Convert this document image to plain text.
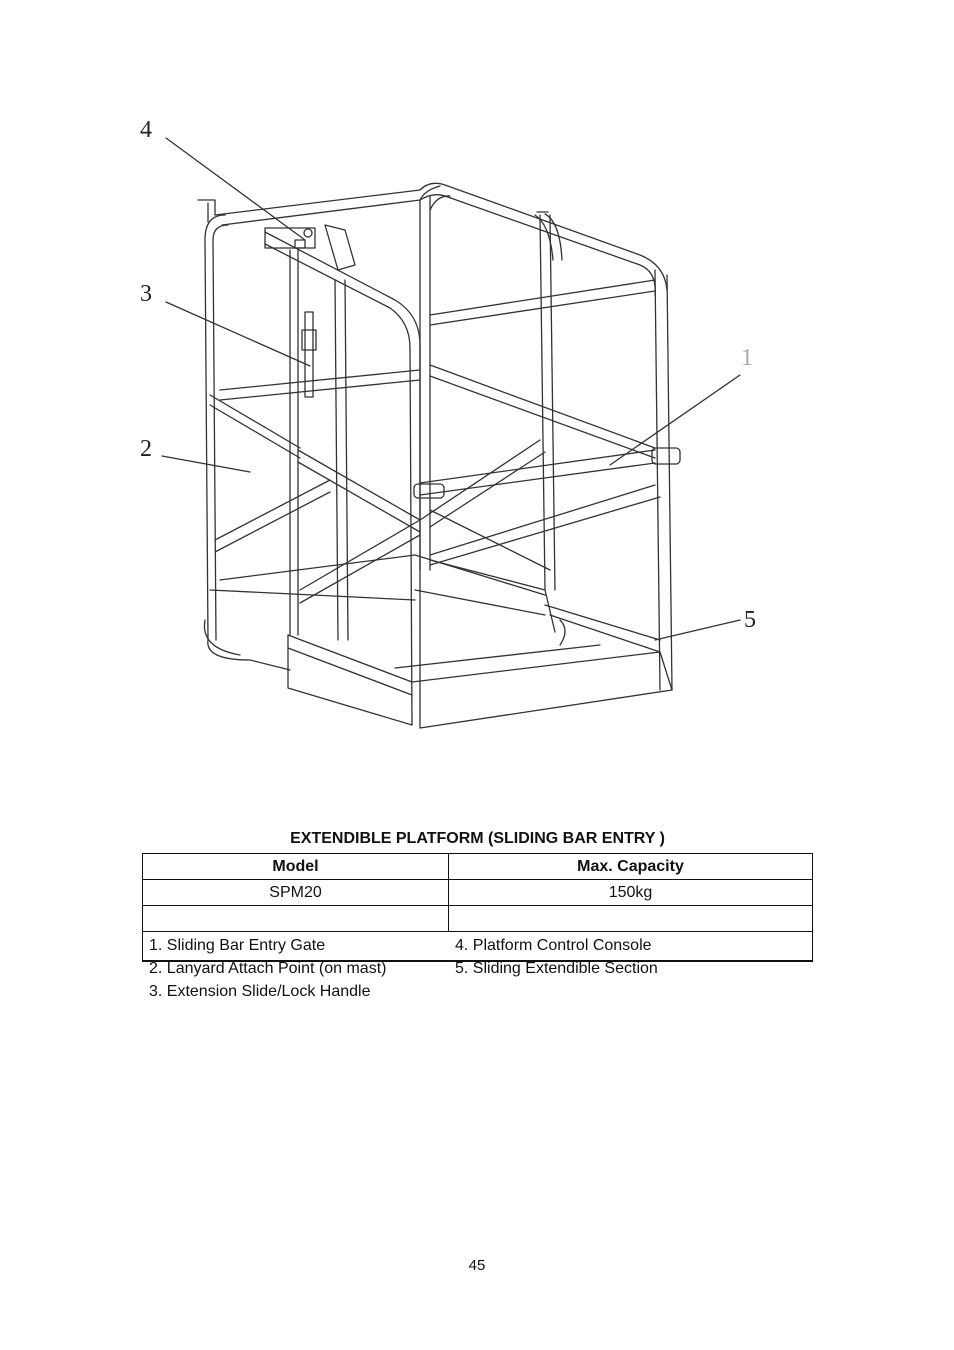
4
3
2
1
5
EXTENDIBLE PLATFORM (SLIDING BAR ENTRY )
Model	Max. Capacity
SPM20	150kg

1. Sliding Bar Entry Gate
2. Lanyard Attach Point (on mast)
3. Extension Slide/Lock Handle
4. Platform Control Console
5. Sliding Extendible Section	
45
